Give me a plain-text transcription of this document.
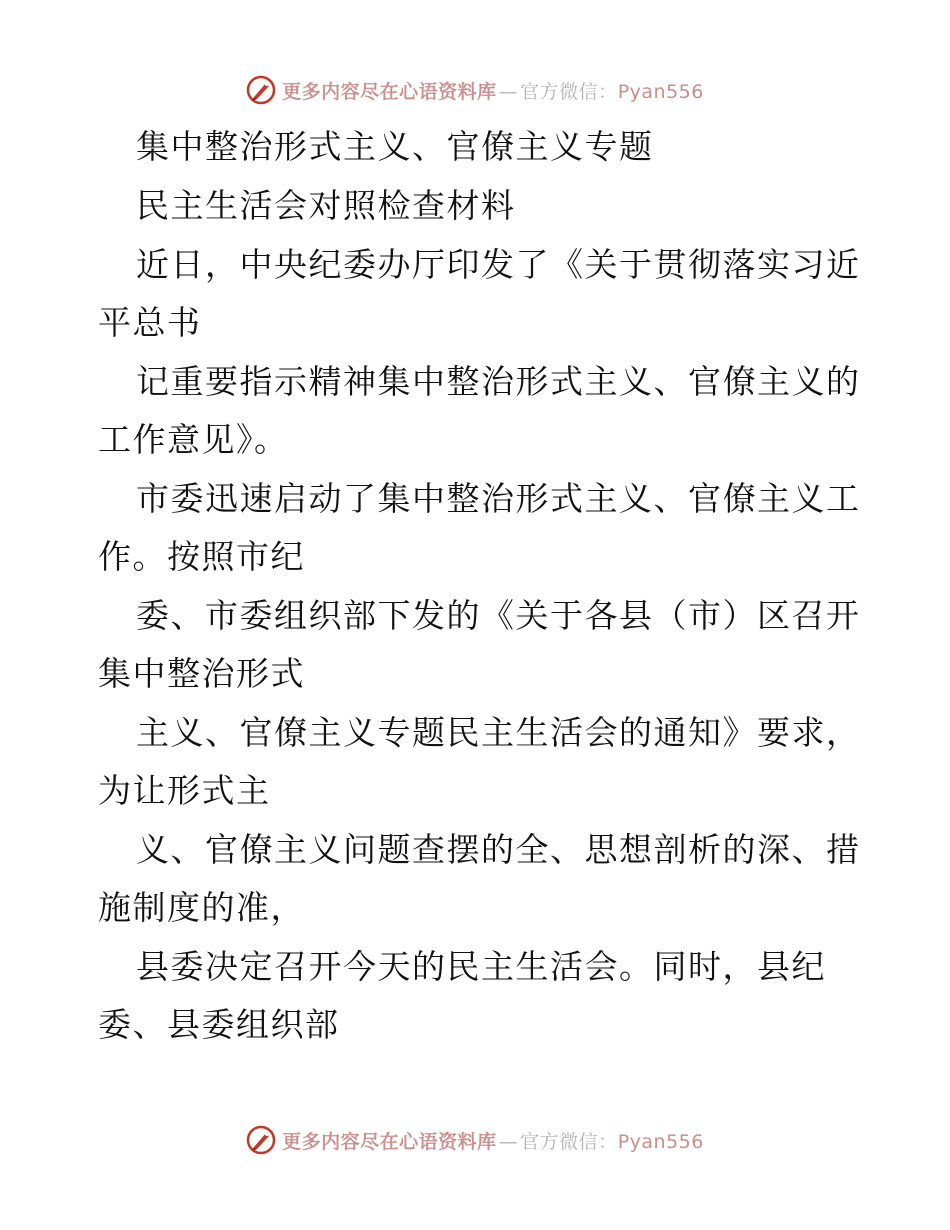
更多内容尽在心语资料库 — 官方微信：Pyan556
集中整治形式主义、官僚主义专题
民主生活会对照检查材料
近日，中央纪委办厅印发了《关于贯彻落实习近
平总书
记重要指示精神集中整治形式主义、官僚主义的
工作意见》。
市委迅速启动了集中整治形式主义、官僚主义工
作。按照市纪
委、市委组织部下发的《关于各县（市）区召开
集中整治形式
主义、官僚主义专题民主生活会的通知》要求，
为让形式主
义、官僚主义问题查摆的全、思想剖析的深、措
施制度的准，
县委决定召开今天的民主生活会。同时，县纪
委、县委组织部
更多内容尽在心语资料库 — 官方微信：Pyan556
